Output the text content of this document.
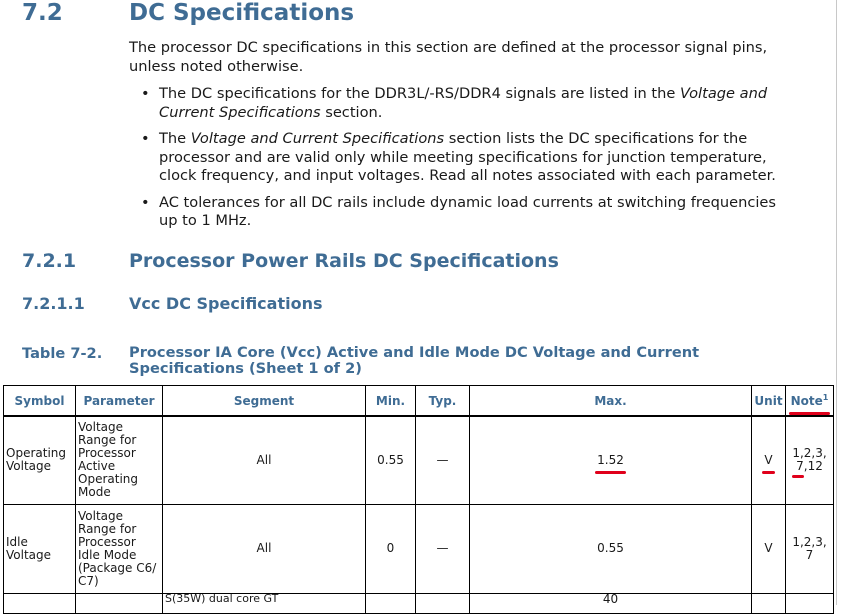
7.2	DC Specifications
The processor DC specifications in this section are defined at the processor signal pins, unless noted otherwise.
• The DC specifications for the DDR3L/-RS/DDR4 signals are listed in the Voltage and Current Specifications section.
• The Voltage and Current Specifications section lists the DC specifications for the processor and are valid only while meeting specifications for junction temperature, clock frequency, and input voltages. Read all notes associated with each parameter.
• AC tolerances for all DC rails include dynamic load currents at switching frequencies up to 1 MHz.
7.2.1	Processor Power Rails DC Specifications
7.2.1.1	Vcc DC Specifications
Table 7-2. Processor IA Core (Vcc) Active and Idle Mode DC Voltage and Current Specifications (Sheet 1 of 2)
Symbol	Parameter	Segment	Min.	Typ.	Max.	Unit	Note$^1$
Operating Voltage	Voltage Range for Processor Active Operating Mode	All	0.55	—	1.52	V	1,2,3,
7,12

Idle Voltage	Voltage Range for Processor Idle Mode (Package C6/ C7)	All	0	—	0.55	V	1,2,3,
7

		S(35W) dual core GT			40		
